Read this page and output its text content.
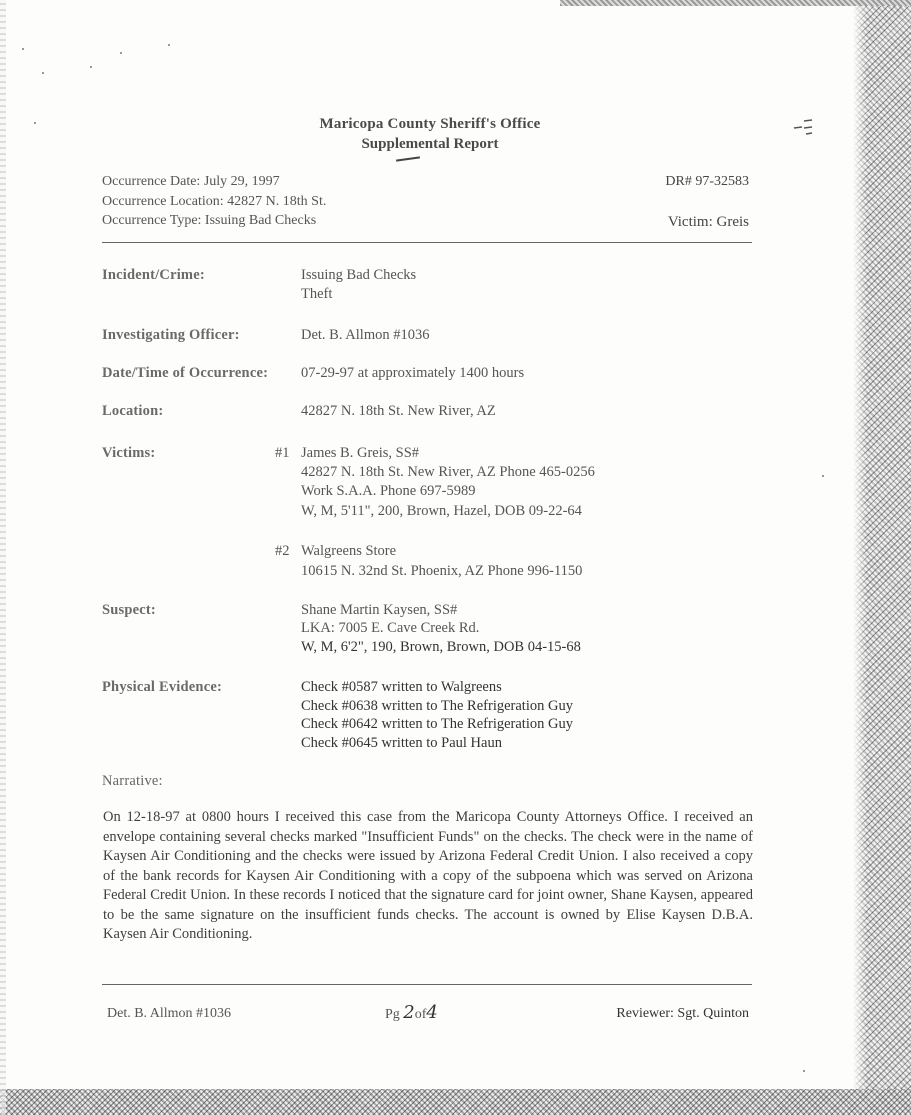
Maricopa County Sheriff's Office
Supplemental Report
Occurrence Date: July 29, 1997
Occurrence Location: 42827 N. 18th St.
Occurrence Type: Issuing Bad Checks
DR# 97-32583
Victim: Greis
Incident/Crime:	Issuing Bad Checks
Theft
Investigating Officer:	Det. B. Allmon #1036
Date/Time of Occurrence: 07-29-97 at approximately 1400 hours
Location:	42827 N. 18th St. New River, AZ
Victims:	#1 James B. Greis, SS#
42827 N. 18th St. New River, AZ Phone 465-0256
Work S.A.A. Phone 697-5989
W, M, 5'11", 200, Brown, Hazel, DOB 09-22-64
#2 Walgreens Store
10615 N. 32nd St. Phoenix, AZ Phone 996-1150
Suspect:	Shane Martin Kaysen, SS#
LKA: 7005 E. Cave Creek Rd.
W, M, 6'2", 190, Brown, Brown, DOB 04-15-68
Physical Evidence:	Check #0587 written to Walgreens
Check #0638 written to The Refrigeration Guy
Check #0642 written to The Refrigeration Guy
Check #0645 written to Paul Haun
Narrative:
On 12-18-97 at 0800 hours I received this case from the Maricopa County Attorneys Office. I received an envelope containing several checks marked "Insufficient Funds" on the checks. The check were in the name of Kaysen Air Conditioning and the checks were issued by Arizona Federal Credit Union. I also received a copy of the bank records for Kaysen Air Conditioning with a copy of the subpoena which was served on Arizona Federal Credit Union. In these records I noticed that the signature card for joint owner, Shane Kaysen, appeared to be the same signature on the insufficient funds checks. The account is owned by Elise Kaysen D.B.A. Kaysen Air Conditioning.
Det. B. Allmon #1036	Pg 2of4	Reviewer: Sgt. Quinton
